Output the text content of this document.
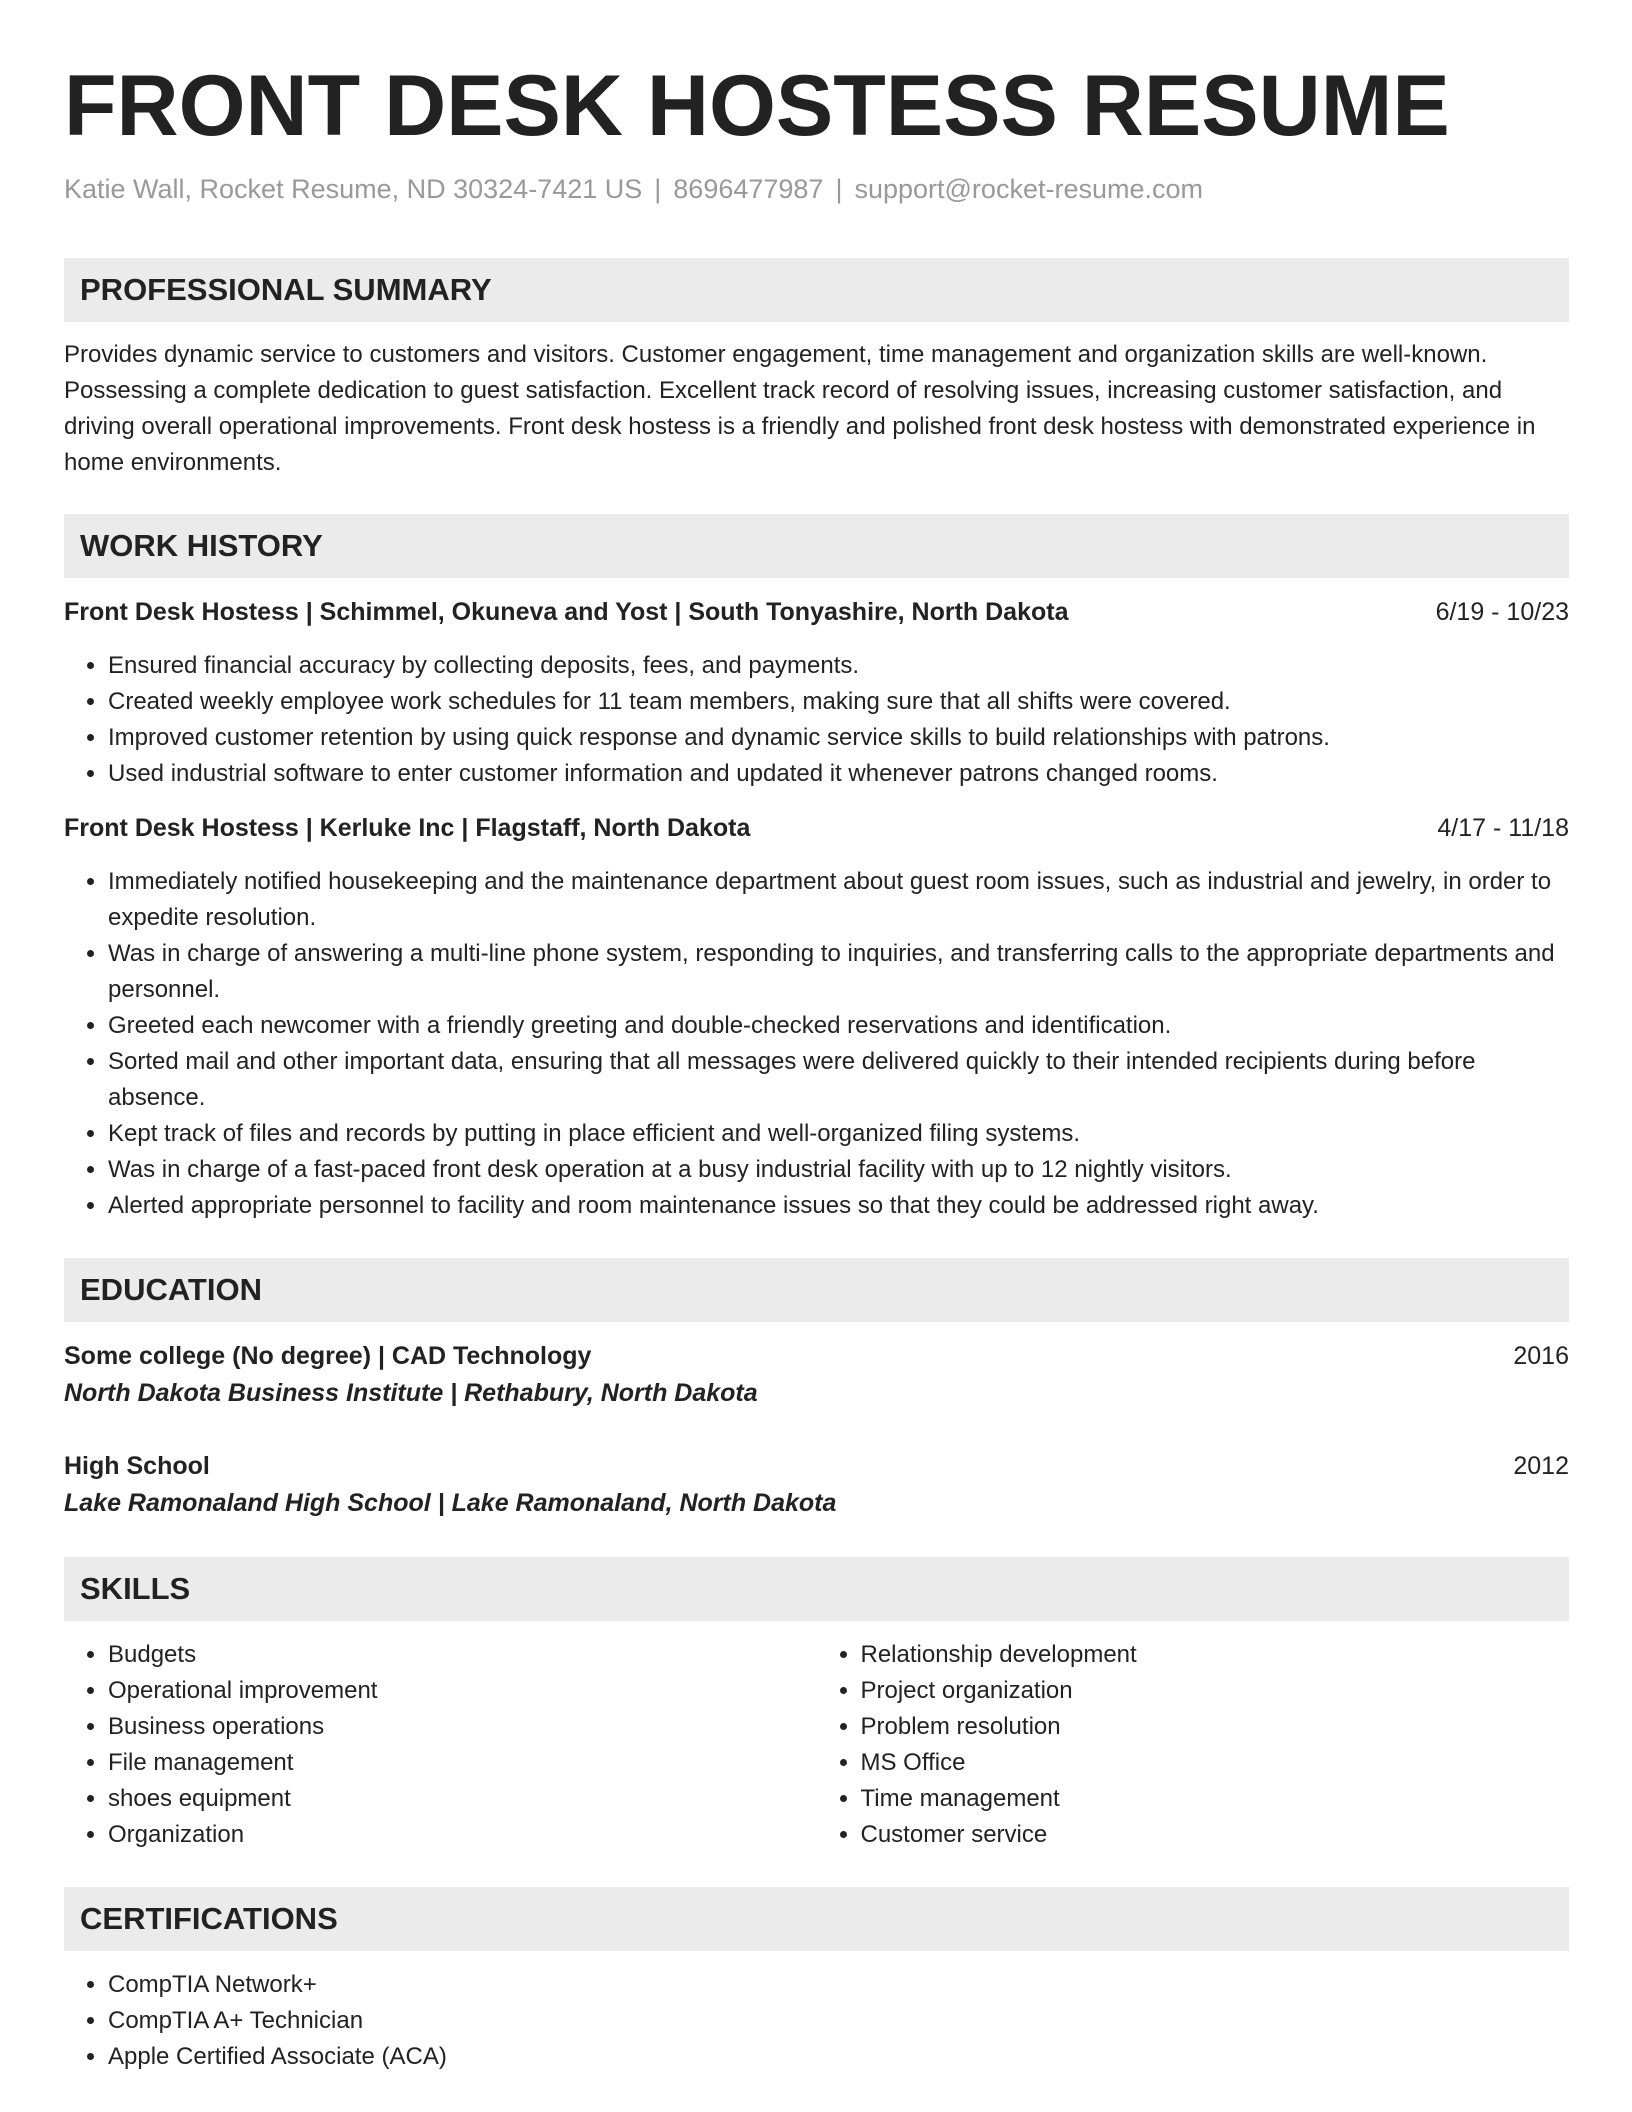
FRONT DESK HOSTESS RESUME
Katie Wall, Rocket Resume, ND 30324-7421 US | 8696477987 | support@rocket-resume.com
PROFESSIONAL SUMMARY
Provides dynamic service to customers and visitors. Customer engagement, time management and organization skills are well-known. Possessing a complete dedication to guest satisfaction. Excellent track record of resolving issues, increasing customer satisfaction, and driving overall operational improvements. Front desk hostess is a friendly and polished front desk hostess with demonstrated experience in home environments.
WORK HISTORY
Front Desk Hostess | Schimmel, Okuneva and Yost | South Tonyashire, North Dakota	6/19 - 10/23
• Ensured financial accuracy by collecting deposits, fees, and payments.
• Created weekly employee work schedules for 11 team members, making sure that all shifts were covered.
• Improved customer retention by using quick response and dynamic service skills to build relationships with patrons.
• Used industrial software to enter customer information and updated it whenever patrons changed rooms.
Front Desk Hostess | Kerluke Inc | Flagstaff, North Dakota	4/17 - 11/18
• Immediately notified housekeeping and the maintenance department about guest room issues, such as industrial and jewelry, in order to expedite resolution.
• Was in charge of answering a multi-line phone system, responding to inquiries, and transferring calls to the appropriate departments and personnel.
• Greeted each newcomer with a friendly greeting and double-checked reservations and identification.
• Sorted mail and other important data, ensuring that all messages were delivered quickly to their intended recipients during before absence.
• Kept track of files and records by putting in place efficient and well-organized filing systems.
• Was in charge of a fast-paced front desk operation at a busy industrial facility with up to 12 nightly visitors.
• Alerted appropriate personnel to facility and room maintenance issues so that they could be addressed right away.
EDUCATION
Some college (No degree) | CAD Technology	2016
North Dakota Business Institute | Rethabury, North Dakota
High School	2012
Lake Ramonaland High School | Lake Ramonaland, North Dakota
SKILLS
• Budgets
• Operational improvement
• Business operations
• File management
• shoes equipment
• Organization
• Relationship development
• Project organization
• Problem resolution
• MS Office
• Time management
• Customer service
CERTIFICATIONS
• CompTIA Network+
• CompTIA A+ Technician
• Apple Certified Associate (ACA)
